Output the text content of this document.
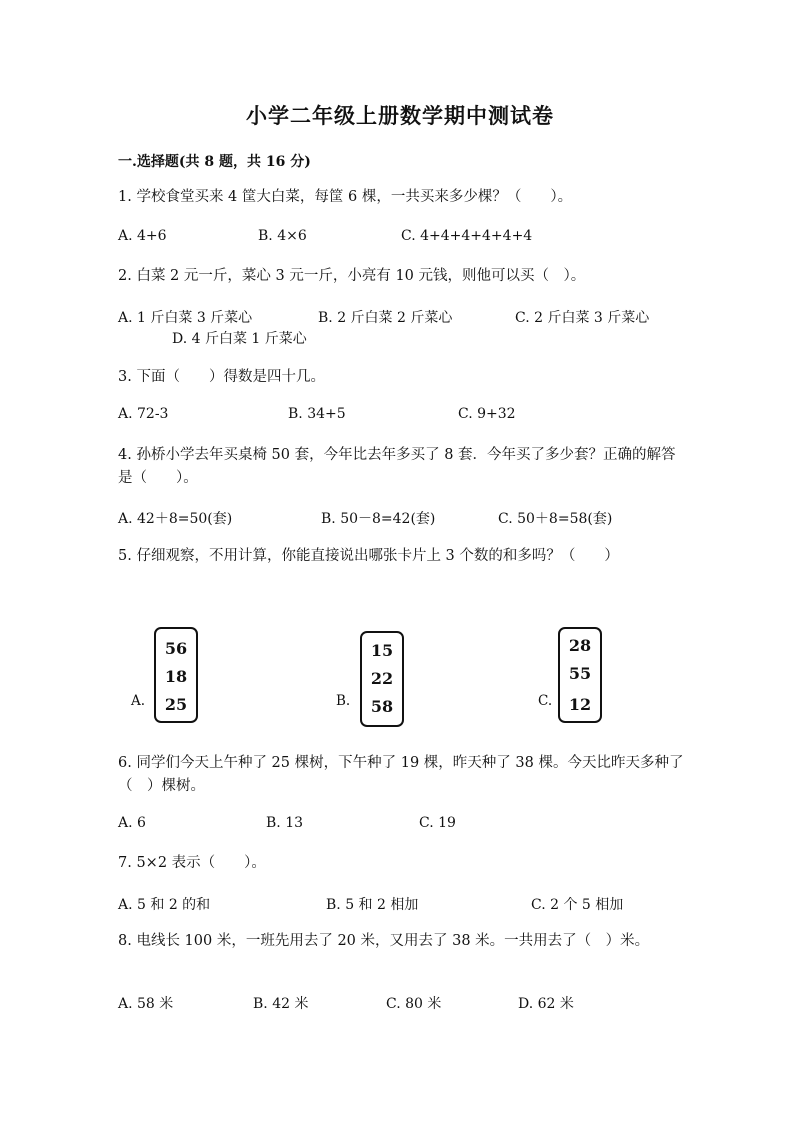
小学二年级上册数学期中测试卷
一.选择题(共 8 题，共 16 分)
1. 学校食堂买来 4 筐大白菜，每筐 6 棵，一共买来多少棵？（　　）。
A. 4+6	B. 4×6	C. 4+4+4+4+4+4
2. 白菜 2 元一斤，菜心 3 元一斤，小亮有 10 元钱，则他可以买（　）。
A. 1 斤白菜 3 斤菜心	B. 2 斤白菜 2 斤菜心	C. 2 斤白菜 3 斤菜心
D. 4 斤白菜 1 斤菜心
3. 下面（　　）得数是四十几。
A. 72-3	B. 34+5	C. 9+32
4. 孙桥小学去年买桌椅 50 套，今年比去年多买了 8 套．今年买了多少套？正确的解答是（　　）。
A. 42＋8=50(套)	B. 50－8=42(套)	C. 50＋8=58(套)
5. 仔细观察，不用计算，你能直接说出哪张卡片上 3 个数的和多吗？（　　）
A.
56
18
25	B.
15
22
58	C.
28
55
12
6. 同学们今天上午种了 25 棵树，下午种了 19 棵，昨天种了 38 棵。今天比昨天多种了（　）棵树。
A. 6	B. 13	C. 19
7. 5×2 表示（　　）。
A. 5 和 2 的和	B. 5 和 2 相加	C. 2 个 5 相加
8. 电线长 100 米，一班先用去了 20 米，又用去了 38 米。一共用去了（　）米。
A. 58 米	B. 42 米	C. 80 米	D. 62 米
